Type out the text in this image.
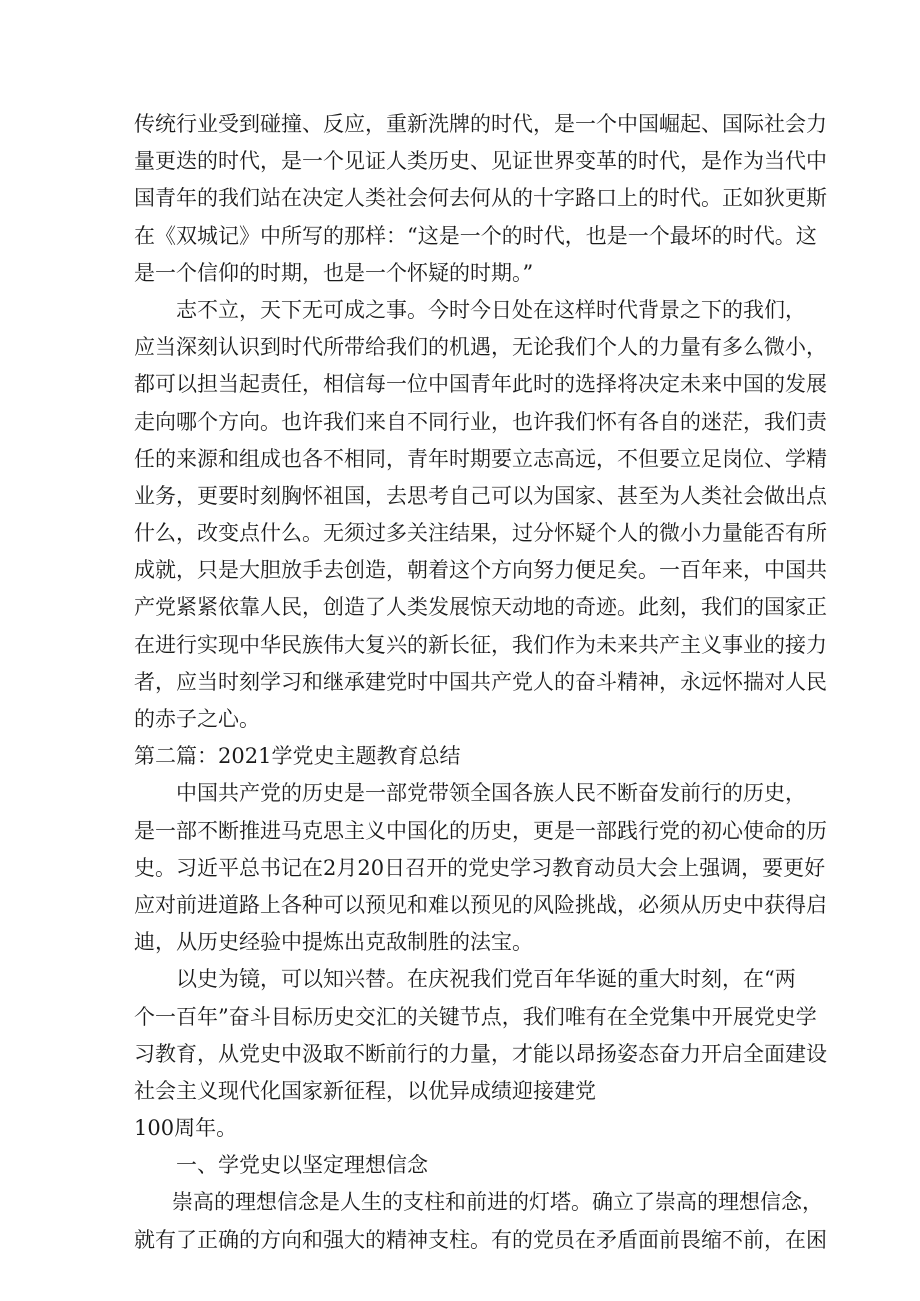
传统行业受到碰撞、反应，重新洗牌的时代，是一个中国崛起、国际社会力
量更迭的时代，是一个见证人类历史、见证世界变革的时代，是作为当代中
国青年的我们站在决定人类社会何去何从的十字路口上的时代。正如狄更斯
在《双城记》中所写的那样：“这是一个的时代，也是一个最坏的时代。这
是一个信仰的时期，也是一个怀疑的时期。”
志不立，天下无可成之事。今时今日处在这样时代背景之下的我们，
应当深刻认识到时代所带给我们的机遇，无论我们个人的力量有多么微小，
都可以担当起责任，相信每一位中国青年此时的选择将决定未来中国的发展
走向哪个方向。也许我们来自不同行业，也许我们怀有各自的迷茫，我们责
任的来源和组成也各不相同，青年时期要立志高远，不但要立足岗位、学精
业务，更要时刻胸怀祖国，去思考自己可以为国家、甚至为人类社会做出点
什么，改变点什么。无须过多关注结果，过分怀疑个人的微小力量能否有所
成就，只是大胆放手去创造，朝着这个方向努力便足矣。一百年来，中国共
产党紧紧依靠人民，创造了人类发展惊天动地的奇迹。此刻，我们的国家正
在进行实现中华民族伟大复兴的新长征，我们作为未来共产主义事业的接力
者，应当时刻学习和继承建党时中国共产党人的奋斗精神，永远怀揣对人民
的赤子之心。
第二篇：2021学党史主题教育总结
中国共产党的历史是一部党带领全国各族人民不断奋发前行的历史，
是一部不断推进马克思主义中国化的历史，更是一部践行党的初心使命的历
史。习近平总书记在2月20日召开的党史学习教育动员大会上强调，要更好
应对前进道路上各种可以预见和难以预见的风险挑战，必须从历史中获得启
迪，从历史经验中提炼出克敌制胜的法宝。
以史为镜，可以知兴替。在庆祝我们党百年华诞的重大时刻，在“两
个一百年”奋斗目标历史交汇的关键节点，我们唯有在全党集中开展党史学
习教育，从党史中汲取不断前行的力量，才能以昂扬姿态奋力开启全面建设
社会主义现代化国家新征程，以优异成绩迎接建党
100周年。
一、学党史以坚定理想信念
崇高的理想信念是人生的支柱和前进的灯塔。确立了崇高的理想信念，
就有了正确的方向和强大的精神支柱。有的党员在矛盾面前畏缩不前，在困
